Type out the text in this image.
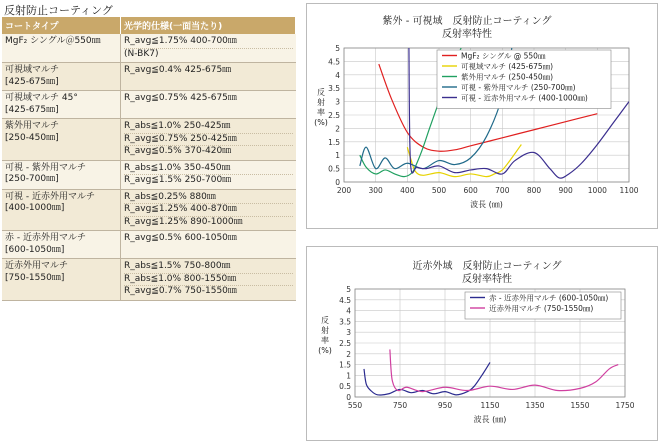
反射防止コーティング
コートタイプ	光学的仕様(一面当たり)

MgF₂ シングル＠550㎚	R_avg≦1.75% 400-700㎚
(N-BK7)

可視域マルチ
[425-675㎚]	R_avg≦0.4% 425-675㎚

可視域マルチ 45°
[425-675㎚]	R_avg≦0.75% 425-675㎚

紫外用マルチ
[250-450㎚]	R_abs≦1.0% 250-425㎚
R_avg≦0.75% 250-425㎚
R_avg≦0.5% 370-420㎚

可視 - 紫外用マルチ
[250-700㎚]	R_abs≦1.0% 350-450㎚
R_avg≦1.5% 250-700㎚

可視 - 近赤外用マルチ
[400-1000㎚]	R_abs≦0.25% 880㎚
R_avg≦1.25% 400-870㎚
R_avg≦1.25% 890-1000㎚

赤 - 近赤外用マルチ
[600-1050㎚]	R_avg≦0.5% 600-1050㎚

近赤外用マルチ
[750-1550㎚]	R_abs≦1.5% 750-800㎚
R_abs≦1.0% 800-1550㎚
R_avg≦0.7% 750-1550㎚
紫外 - 可視域　反射防止コーティング
反射率特性
0
0.5
1
1.5
2
2.5
3
3.5
4
4.5
5
200 300 400 500 600 700 800 900 1000 1100
波長 (㎚)
反射率(%)
MgF₂ シングル @ 550㎚
可視域マルチ (425-675㎚)
紫外用マルチ (250-450㎚)
可視 - 紫外用マルチ (250-700㎚)
可視 - 近赤外用マルチ (400-1000㎚)
近赤外域　反射防止コーティング
反射率特性
0
0.5
1
1.5
2
2.5
3
3.5
4
4.5
5
550	750	950	1150	1350	1550	1750
波長 (㎚)
反射率(%)
赤 - 近赤外用マルチ (600-1050㎚)
近赤外用マルチ (750-1550㎚)
